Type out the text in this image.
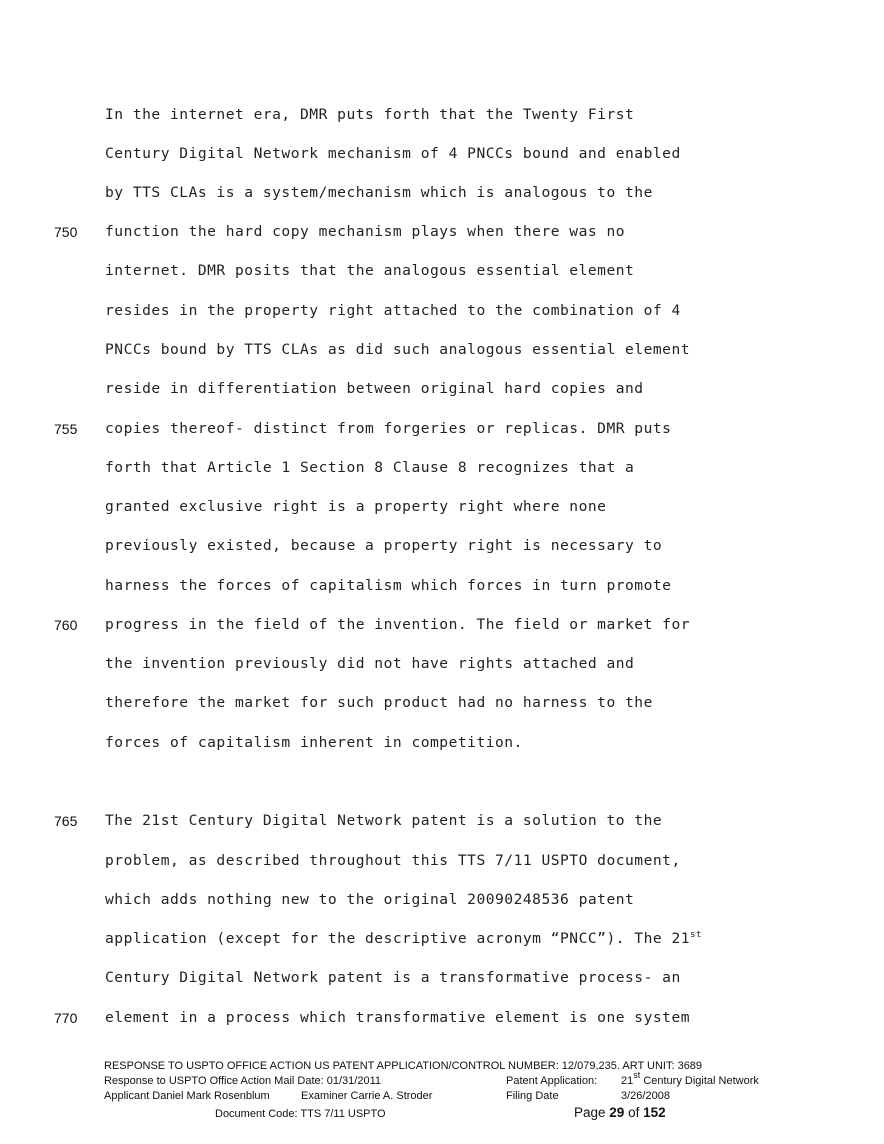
In the internet era, DMR puts forth that the Twenty First
Century Digital Network mechanism of 4 PNCCs bound and enabled
by TTS CLAs is a system/mechanism which is analogous to the
750 function the hard copy mechanism plays when there was no
internet. DMR posits that the analogous essential element
resides in the property right attached to the combination of 4
PNCCs bound by TTS CLAs as did such analogous essential element
reside in differentiation between original hard copies and
755 copies thereof- distinct from forgeries or replicas. DMR puts
forth that Article 1 Section 8 Clause 8 recognizes that a
granted exclusive right is a property right where none
previously existed, because a property right is necessary to
harness the forces of capitalism which forces in turn promote
760 progress in the field of the invention. The field or market for
the invention previously did not have rights attached and
therefore the market for such product had no harness to the
forces of capitalism inherent in competition.
765 The 21st Century Digital Network patent is a solution to the
problem, as described throughout this TTS 7/11 USPTO document,
which adds nothing new to the original 20090248536 patent
application (except for the descriptive acronym “PNCC”). The 21st
Century Digital Network patent is a transformative process- an
770 element in a process which transformative element is one system
RESPONSE TO USPTO OFFICE ACTION US PATENT APPLICATION/CONTROL NUMBER: 12/079,235. ART UNIT: 3689
Response to USPTO Office Action Mail Date: 01/31/2011	Patent Application: 21st Century Digital Network
Applicant Daniel Mark Rosenblum	Examiner Carrie A. Stroder	Filing Date	3/26/2008
Document Code: TTS 7/11 USPTO	Page 29 of 152
